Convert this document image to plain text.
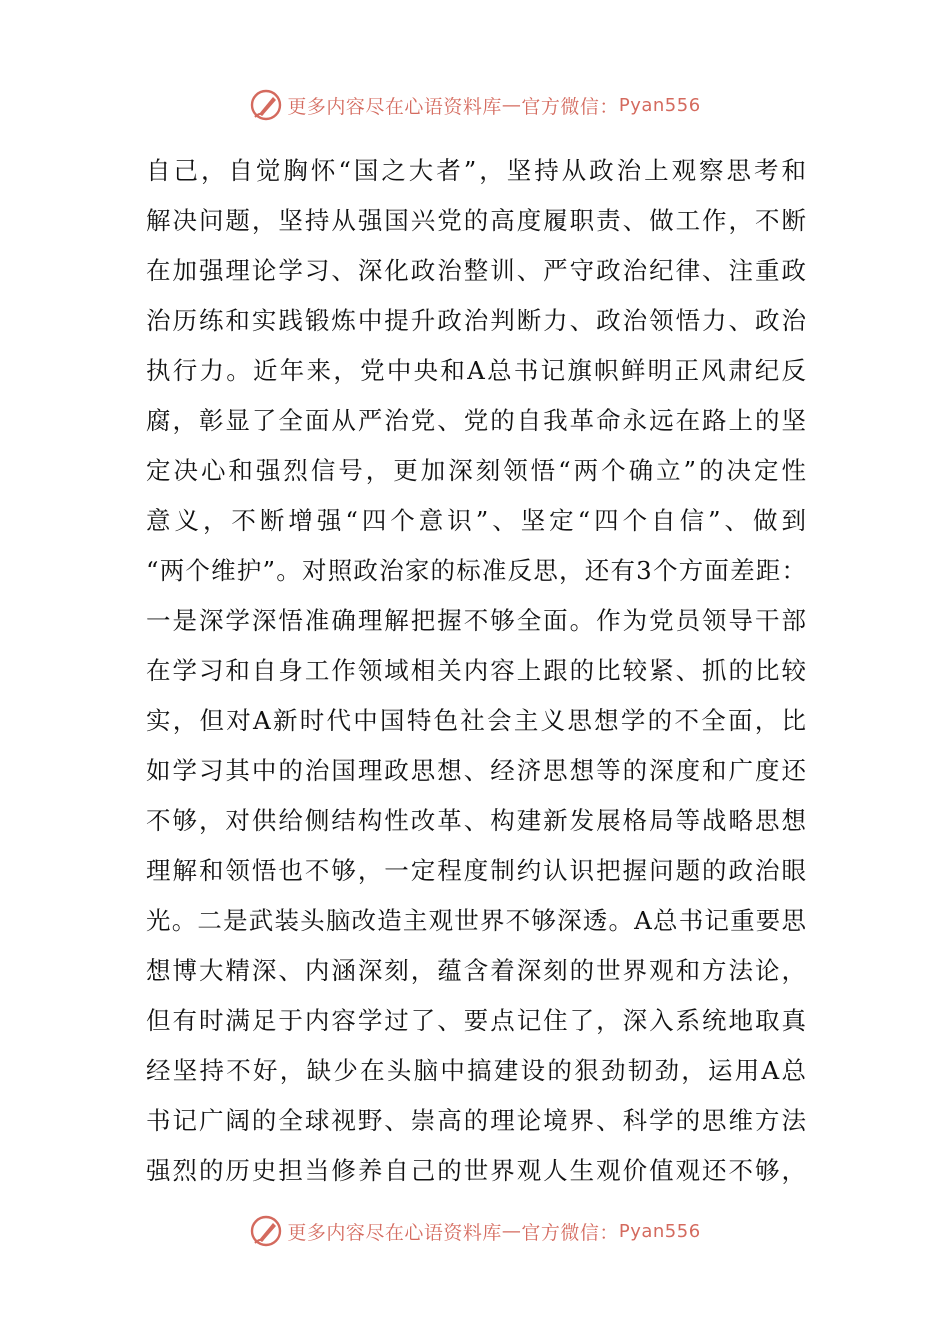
更多内容尽在心语资料库 — 官方微信： Pyan556
自己，自觉胸怀“国之大者”，坚持从政治上观察思考和
解决问题，坚持从强国兴党的高度履职责、做工作，不断
在加强理论学习、深化政治整训、严守政治纪律、注重政
治历练和实践锻炼中提升政治判断力、政治领悟力、政治
执行力。近年来，党中央和A总书记旗帜鲜明正风肃纪反
腐，彰显了全面从严治党、党的自我革命永远在路上的坚
定决心和强烈信号，更加深刻领悟“两个确立”的决定性
意义，不断增强“四个意识”、坚定“四个自信”、做到
“两个维护”。对照政治家的标准反思，还有3个方面差距：
一是深学深悟准确理解把握不够全面。作为党员领导干部
在学习和自身工作领域相关内容上跟的比较紧、抓的比较
实，但对A新时代中国特色社会主义思想学的不全面，比
如学习其中的治国理政思想、经济思想等的深度和广度还
不够，对供给侧结构性改革、构建新发展格局等战略思想
理解和领悟也不够，一定程度制约认识把握问题的政治眼
光。二是武装头脑改造主观世界不够深透。A总书记重要思
想博大精深、内涵深刻，蕴含着深刻的世界观和方法论，
但有时满足于内容学过了、要点记住了，深入系统地取真
经坚持不好，缺少在头脑中搞建设的狠劲韧劲，运用A总
书记广阔的全球视野、崇高的理论境界、科学的思维方法
强烈的历史担当修养自己的世界观人生观价值观还不够，
更多内容尽在心语资料库 — 官方微信： Pyan556
